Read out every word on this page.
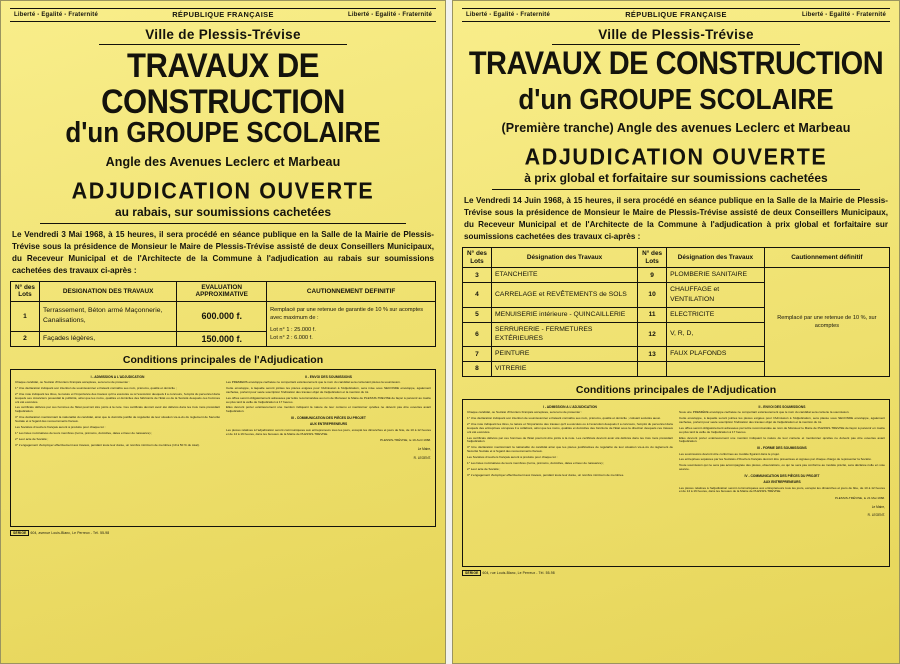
Liberté - Egalité - Fraternité	RÉPUBLIQUE FRANÇAISE	Liberté - Egalité - Fraternité
Ville de Plessis-Trévise
TRAVAUX DE CONSTRUCTION
d'un GROUPE SCOLAIRE
Angle des Avenues Leclerc et Marbeau
ADJUDICATION OUVERTE
au rabais, sur soumissions cachetées
Le Vendredi 3 Mai 1968, à 15 heures, il sera procédé en séance publique en la Salle de la Mairie de Plessis-Trévise sous la présidence de Monsieur le Maire de Plessis-Trévise assisté de deux Conseillers Municipaux, du Receveur Municipal et de l'Architecte de la Commune à l'adjudication au rabais sur soumissions cachetées des travaux ci-après :
N° des Lots	DESIGNATION DES TRAVAUX	EVALUATION APPROXIMATIVE	CAUTIONNEMENT DEFINITIF
1	Terrassement, Béton armé Maçonnerie, Canalisations,	600.000 f.	Remplacé par une retenue de garantie de 10 % sur acomptes avec maximum de :
Lot n° 1 : 25.000 f.
Lot n° 2 : 6.000 f.

2	Façades légères,	150.000 f.	
Conditions principales de l'Adjudication
I - ADMISSION A L'ADJUDICATION

Chaque candidat, ou Société d'Ouvriers Français acceptées, sera tenu de présenter :

1° Une déclaration indiquant son intention de soumissionner et faisant connaître ses nom, prénoms, qualité et domicile ;

2° Une note indiquant les titres, la nature et l'importance des travaux qu'il a exécutés ou à l'exécution desquels il a concouru, l'emploi du personnel dans lesquels ses créanciers possédait la publicité, ainsi que les noms, qualités et domiciles des fabricants de l'Etat ou de la Société desquels ces hommes ont été exécutés.

Les certificats délivrés par ces hommes de l'Etat pourront être joints à la note. Ces certificats devront avoir été délivrés dans les trois mois précédant l'adjudication.

3° Une déclaration mentionnant la nationalité du candidat, ainsi que le domicile justifié de régularité de leur situation vis-à-vis du règlement de Sécurité Sociale et à l'égard des recouvrements fiscaux.

Les Sociétés d'ouvriers français auront à produire pour chaque lot :

1° Les listes nominatives de leurs membres (noms, prénoms, domiciles, dates et lieux de naissance) ;

2° Leur acte de Société ;

3° L'engagement d'employer effectivement aux travaux, pendant toute leur durée, un nombre minimum de membres (10 à 50 % du total).

II - ENVOI DES SOUMISSIONS

Les PREMIERS enveloppe cachetée ne comportant extérieurement que le nom du candidat sera contenant pièces la soumission.

Cette enveloppe, à laquelle seront jointes les pièces exigées pour l'Admission à l'Adjudication, sera mise sous SECONDE enveloppe, également cachetée, portant pour seule suscription l'indication des travaux objet de l'adjudication et la mention du lot.

Les offres seront obligatoirement adressées par lettre recommandée au nom de Monsieur le Maire de PLESSIS-TREVISE de façon à parvenir au mairie au plus tard la veille de l'adjudication à 17 heures.

Elles devront porter extérieurement une mention indiquant la nature de leur contenu et mentionner qu'elles ne doivent pas être ouvertes avant l'adjudication.

III - COMMUNICATION DES PIÈCES DU PROJET
AUX ENTREPRENEURS

Les pièces relatives à l'adjudication seront communiquées aux entrepreneurs tous les jours, excepté les dimanches et jours de fête, de 10 à 12 heures et de 14 à 16 heures, dans les bureaux de la Mairie de PLESSIS-TREVISE.

PLESSIS-TRÉVISE, le 19 Avril 1968.
Le Maire,
R. LEGENT.
SÉRIGE 604, avenue Louis-Blanc, Le Perreux - Tél. 55-98
Liberté - Egalité - Fraternité	RÉPUBLIQUE FRANÇAISE	Liberté - Egalité - Fraternité
Ville de Plessis-Trévise
TRAVAUX DE CONSTRUCTION
d'un GROUPE SCOLAIRE
(Première tranche) Angle des avenues Leclerc et Marbeau
ADJUDICATION OUVERTE
à prix global et forfaitaire sur soumissions cachetées
Le Vendredi 14 Juin 1968, à 15 heures, il sera procédé en séance publique en la Salle de la Mairie de Plessis-Trévise sous la présidence de Monsieur le Maire de Plessis-Trévise assisté de deux Conseillers Municipaux, du Receveur Municipal et de l'Architecte de la Commune à l'adjudication à prix global et forfaitaire sur soumissions cachetées des travaux ci-après :
N° des Lots	Désignation des Travaux	N° des Lots	Désignation des Travaux	Cautionnement définitif
3	ETANCHEITE	9	PLOMBERIE SANITAIRE	Remplacé par une retenue de 10 %, sur acomptes

4	CARRELAGE et REVÊTEMENTS de SOLS	10	CHAUFFAGE et VENTILATION	
5	MENUISERIE intérieure - QUINCAILLERIE	11	ELECTRICITE	
6	SERRURERIE - FERMETURES EXTÉRIEURES	12	V, R, D,	
7	PEINTURE	13	FAUX PLAFONDS	
8	VITRERIE			
Conditions principales de l'Adjudication
I - ADMISSION A L'ADJUDICATION

Chaque candidat, ou Société d'Ouvriers Français acceptées, sera tenu de présenter :

1° Une déclaration indiquant son intention de soumissionner et faisant connaître ses nom, prénoms, qualité et domicile ; cotisant sociétés aussi.

2° Une note indiquant les titres, la nature et l'importance des travaux qu'il a exécutés ou à l'exécution desquels il a concouru, l'emploi du personnel dans lesquels des entreprises occupées il a collaboré, ainsi que les noms, qualités et domiciles des fonctions de l'Etat sous la direction desquels ces travaux ont été exécutés.

Les certificats délivrés par ces hommes de l'Etat pourront être joints à la note. Les certificats devront avoir été délivrés dans les trois mois précédant l'adjudication.

3° Une déclaration mentionnant la nationalité du candidat ainsi que les pièces justificatives de régularité de leur situation vis-à-vis du règlement de Sécurité Sociale et à l'égard des recouvrements fiscaux.

Les Sociétés d'ouvriers français auront à produire pour chaque lot :

1° Les listes nominatives de leurs membres (noms, prénoms, domiciles, dates et lieux de naissance) ;

2° Leur acte de Société ;

3° L'engagement d'employer effectivement aux travaux, pendant toute leur durée, un nombre minimum de membres.

II - ENVOI DES SOUMISSIONS

Sous une PREMIÈRE enveloppe cachetée ne comportant extérieurement que le nom du candidat sera contenu la soumission.

Cette enveloppe, à laquelle seront jointes les pièces exigées pour l'Admission à l'Adjudication, sera placée sous SECONDE enveloppe, également cachetée, portant pour seule suscription l'indication des travaux objet de l'adjudication et la mention du lot.

Les offres seront obligatoirement adressées par lettre recommandée au nom de Monsieur le Maire de PLESSIS-TREVISE de façon à parvenir en mairie au plus tard la veille de l'adjudication à 17 heures.

Elles devront porter extérieurement une mention indiquant la nature de leur contenu et mentionner qu'elles ne doivent pas être ouvertes avant l'adjudication.

III - FORME DES SOUMISSIONS

Les soumissions devront être conformes au modèle figurant dans le projet.

Les entreprises séparées par les Sociétés d'Ouvriers français devront être présentées et signées par chaque chargé de représenter la Société.

Toute soumission qui ne sera pas accompagnée des pièces, observations, ou qui ne sera pas conforme au modèle précité, sera déclarée nulle en vote séance.

IV - COMMUNICATION DES PIÈCES DU PROJET
AUX ENTREPRENEURS

Les pièces relatives à l'adjudication seront communiquées aux entrepreneurs tous les jours, excepté les dimanches et jours de fête, de 10 à 12 heures et de 14 à 16 heures, dans les bureaux de la Mairie de PLESSIS-TREVISE.

PLESSIS-TRÉVISE, le 21 Mai 1968.
Le Maire,
R. LEGENT.
SÉRIGE 604, rue Louis-Blanc, Le Perreux - Tél. 55-98
